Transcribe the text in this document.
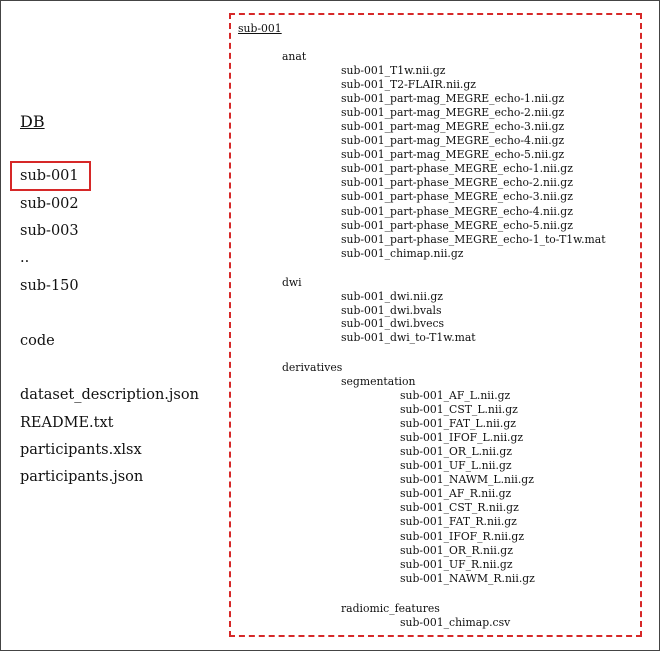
DB
sub-001
sub-002
sub-003
..
sub-150
code
dataset_description.json
README.txt
participants.xlsx
participants.json
sub-001
anat
dwi
derivatives
segmentation
radiomic_features
sub-001_T1w.nii.gz
sub-001_T2-FLAIR.nii.gz
sub-001_part-mag_MEGRE_echo-1.nii.gz
sub-001_part-mag_MEGRE_echo-2.nii.gz
sub-001_part-mag_MEGRE_echo-3.nii.gz
sub-001_part-mag_MEGRE_echo-4.nii.gz
sub-001_part-mag_MEGRE_echo-5.nii.gz
sub-001_part-phase_MEGRE_echo-1.nii.gz
sub-001_part-phase_MEGRE_echo-2.nii.gz
sub-001_part-phase_MEGRE_echo-3.nii.gz
sub-001_part-phase_MEGRE_echo-4.nii.gz
sub-001_part-phase_MEGRE_echo-5.nii.gz
sub-001_part-phase_MEGRE_echo-1_to-T1w.mat
sub-001_chimap.nii.gz
sub-001_dwi.nii.gz
sub-001_dwi.bvals
sub-001_dwi.bvecs
sub-001_dwi_to-T1w.mat
sub-001_AF_L.nii.gz
sub-001_CST_L.nii.gz
sub-001_FAT_L.nii.gz
sub-001_IFOF_L.nii.gz
sub-001_OR_L.nii.gz
sub-001_UF_L.nii.gz
sub-001_NAWM_L.nii.gz
sub-001_AF_R.nii.gz
sub-001_CST_R.nii.gz
sub-001_FAT_R.nii.gz
sub-001_IFOF_R.nii.gz
sub-001_OR_R.nii.gz
sub-001_UF_R.nii.gz
sub-001_NAWM_R.nii.gz
sub-001_chimap.csv
